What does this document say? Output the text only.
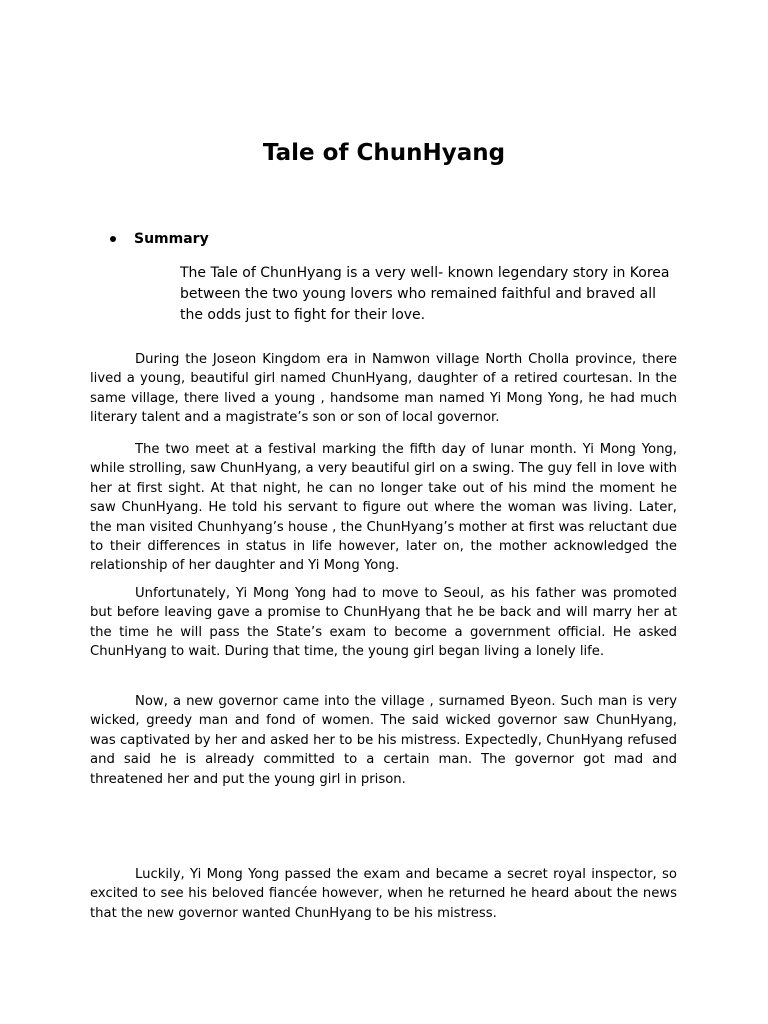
Tale of ChunHyang
Summary

The Tale of ChunHyang is a very well- known legendary story in Korea between the two young lovers who remained faithful and braved all the odds just to fight for their love.

During the Joseon Kingdom era in Namwon village North Cholla province, there lived a young, beautiful girl named ChunHyang, daughter of a retired courtesan. In the same village, there lived a young , handsome man named Yi Mong Yong, he had much literary talent and a magistrate’s son or son of local governor.

The two meet at a festival marking the fifth day of lunar month. Yi Mong Yong, while strolling, saw ChunHyang, a very beautiful girl on a swing. The guy fell in love with her at first sight. At that night, he can no longer take out of his mind the moment he saw ChunHyang. He told his servant to figure out where the woman was living. Later, the man visited Chunhyang’s house , the ChunHyang’s mother at first was reluctant due to their differences in status in life however, later on, the mother acknowledged the relationship of her daughter and Yi Mong Yong.

Unfortunately, Yi Mong Yong had to move to Seoul, as his father was promoted but before leaving gave a promise to ChunHyang that he be back and will marry her at the time he will pass the State’s exam to become a government official. He asked ChunHyang to wait. During that time, the young girl began living a lonely life.

Now, a new governor came into the village , surnamed Byeon. Such man is very wicked, greedy man and fond of women. The said wicked governor saw ChunHyang, was captivated by her and asked her to be his mistress. Expectedly, ChunHyang refused and said he is already committed to a certain man. The governor got mad and threatened her and put the young girl in prison.

Luckily, Yi Mong Yong passed the exam and became a secret royal inspector, so excited to see his beloved fiancée however, when he returned he heard about the news that the new governor wanted ChunHyang to be his mistress.
